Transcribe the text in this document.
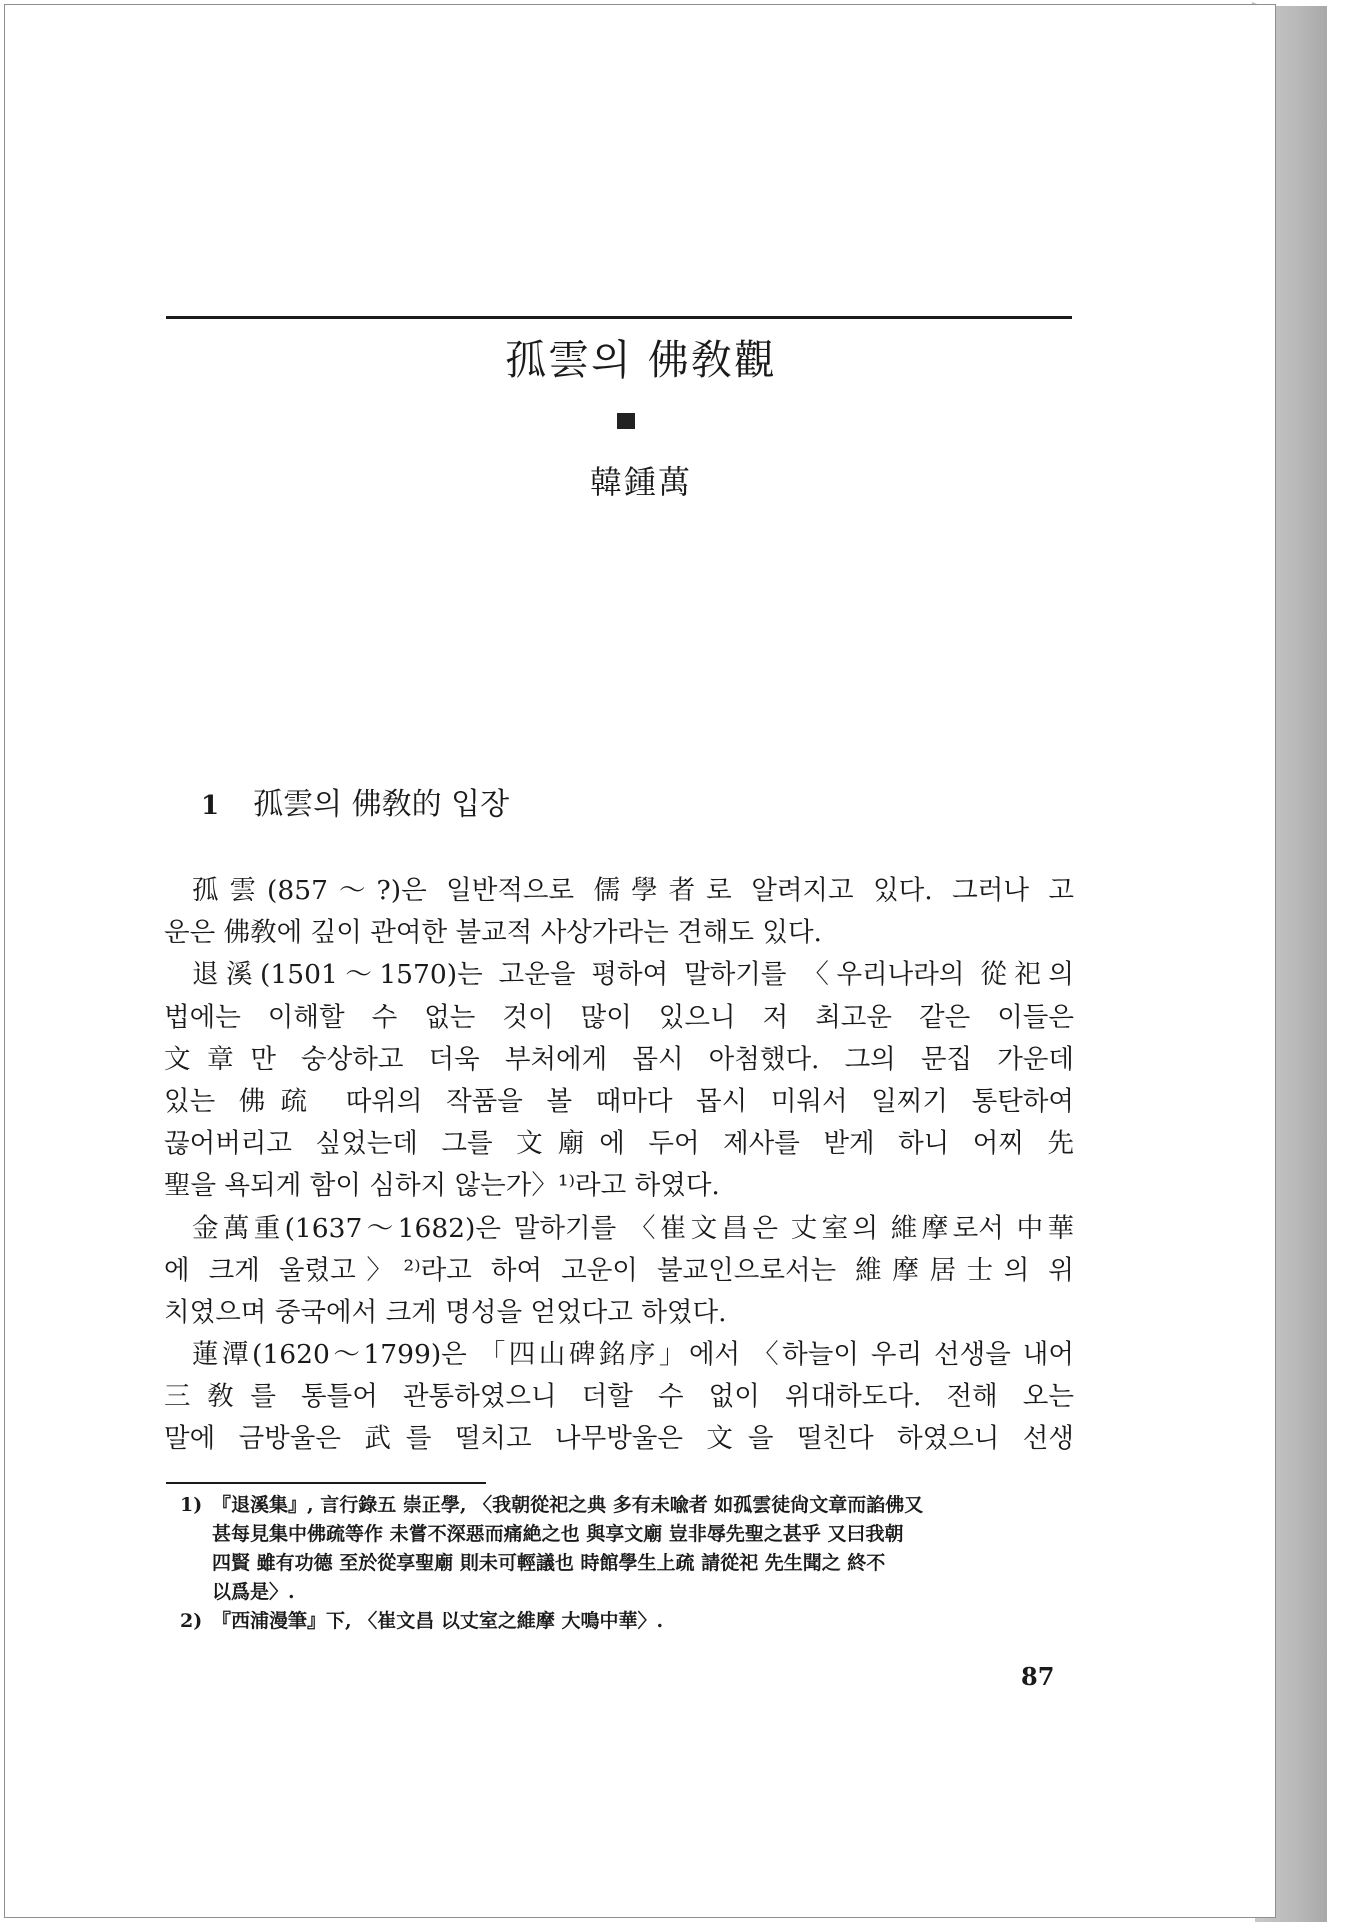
孤雲의 佛敎觀
韓鍾萬
1 孤雲의 佛敎的 입장
孤雲(857～?)은 일반적으로 儒學者로 알려지고 있다. 그러나 고
운은 佛敎에 깊이 관여한 불교적 사상가라는 견해도 있다.
退溪(1501～1570)는 고운을 평하여 말하기를 〈우리나라의 從祀의
법에는 이해할 수 없는 것이 많이 있으니 저 최고운 같은 이들은
文章만 숭상하고 더욱 부처에게 몹시 아첨했다. 그의 문집 가운데
있는 佛疏 따위의 작품을 볼 때마다 몹시 미워서 일찌기 통탄하여
끊어버리고 싶었는데 그를 文廟에 두어 제사를 받게 하니 어찌 先
聖을 욕되게 함이 심하지 않는가〉¹⁾라고 하였다.
金萬重(1637～1682)은 말하기를 〈崔文昌은 丈室의 維摩로서 中華
에 크게 울렸고〉²⁾라고 하여 고운이 불교인으로서는 維摩居士의 위
치였으며 중국에서 크게 명성을 얻었다고 하였다.
蓮潭(1620～1799)은 「四山碑銘序」에서 〈하늘이 우리 선생을 내어
三敎를 통틀어 관통하였으니 더할 수 없이 위대하도다. 전해 오는
말에 금방울은 武를 떨치고 나무방울은 文을 떨친다 하였으니 선생
1) 『退溪集』, 言行錄五 崇正學, 〈我朝從祀之典 多有未喩者 如孤雲徒尙文章而諂佛又
甚每見集中佛疏等作 未嘗不深惡而痛絶之也 與享文廟 豈非辱先聖之甚乎 又曰我朝
四賢 雖有功德 至於從享聖廟 則未可輕議也 時館學生上疏 請從祀 先生聞之 終不
以爲是〉.
2) 『西浦漫筆』下, 〈崔文昌 以丈室之維摩 大鳴中華〉.
87
